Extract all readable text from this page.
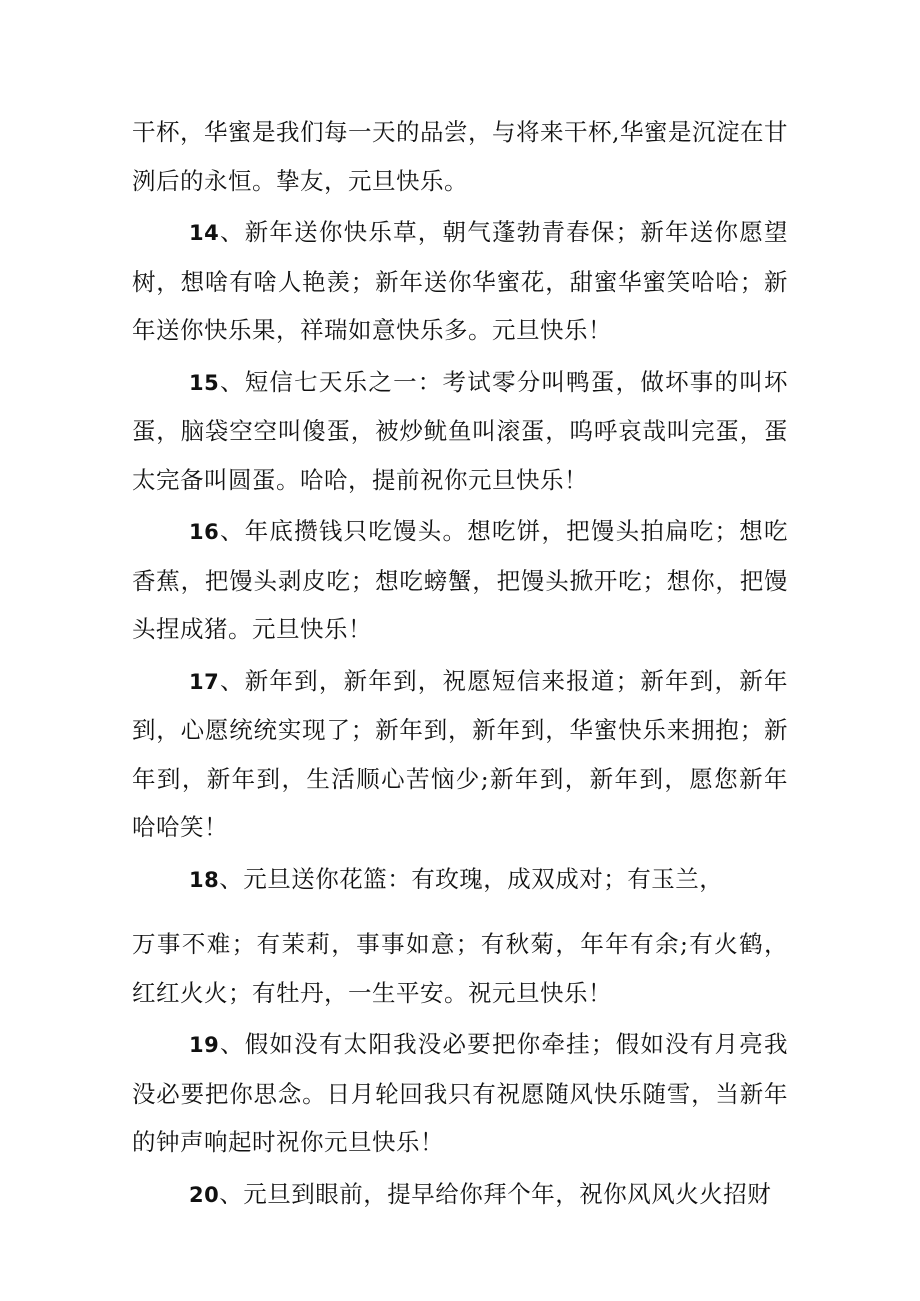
干杯，华蜜是我们每一天的品尝，与将来干杯,华蜜是沉淀在甘洌后的永恒。挚友，元旦快乐。

14、新年送你快乐草，朝气蓬勃青春保；新年送你愿望树，想啥有啥人艳羡；新年送你华蜜花，甜蜜华蜜笑哈哈；新年送你快乐果，祥瑞如意快乐多。元旦快乐！

15、短信七天乐之一：考试零分叫鸭蛋，做坏事的叫坏蛋，脑袋空空叫傻蛋，被炒鱿鱼叫滚蛋，呜呼哀哉叫完蛋，蛋太完备叫圆蛋。哈哈，提前祝你元旦快乐！

16、年底攒钱只吃馒头。想吃饼，把馒头拍扁吃；想吃香蕉，把馒头剥皮吃；想吃螃蟹，把馒头掀开吃；想你，把馒头捏成猪。元旦快乐！

17、新年到，新年到，祝愿短信来报道；新年到，新年到，心愿统统实现了；新年到，新年到，华蜜快乐来拥抱；新年到，新年到，生活顺心苦恼少;新年到，新年到，愿您新年哈哈笑！

18、元旦送你花篮：有玫瑰，成双成对；有玉兰，

万事不难；有茉莉，事事如意；有秋菊，年年有余;有火鹤，红红火火；有牡丹，一生平安。祝元旦快乐！

19、假如没有太阳我没必要把你牵挂；假如没有月亮我没必要把你思念。日月轮回我只有祝愿随风快乐随雪，当新年的钟声响起时祝你元旦快乐！

20、元旦到眼前，提早给你拜个年，祝你风风火火招财
